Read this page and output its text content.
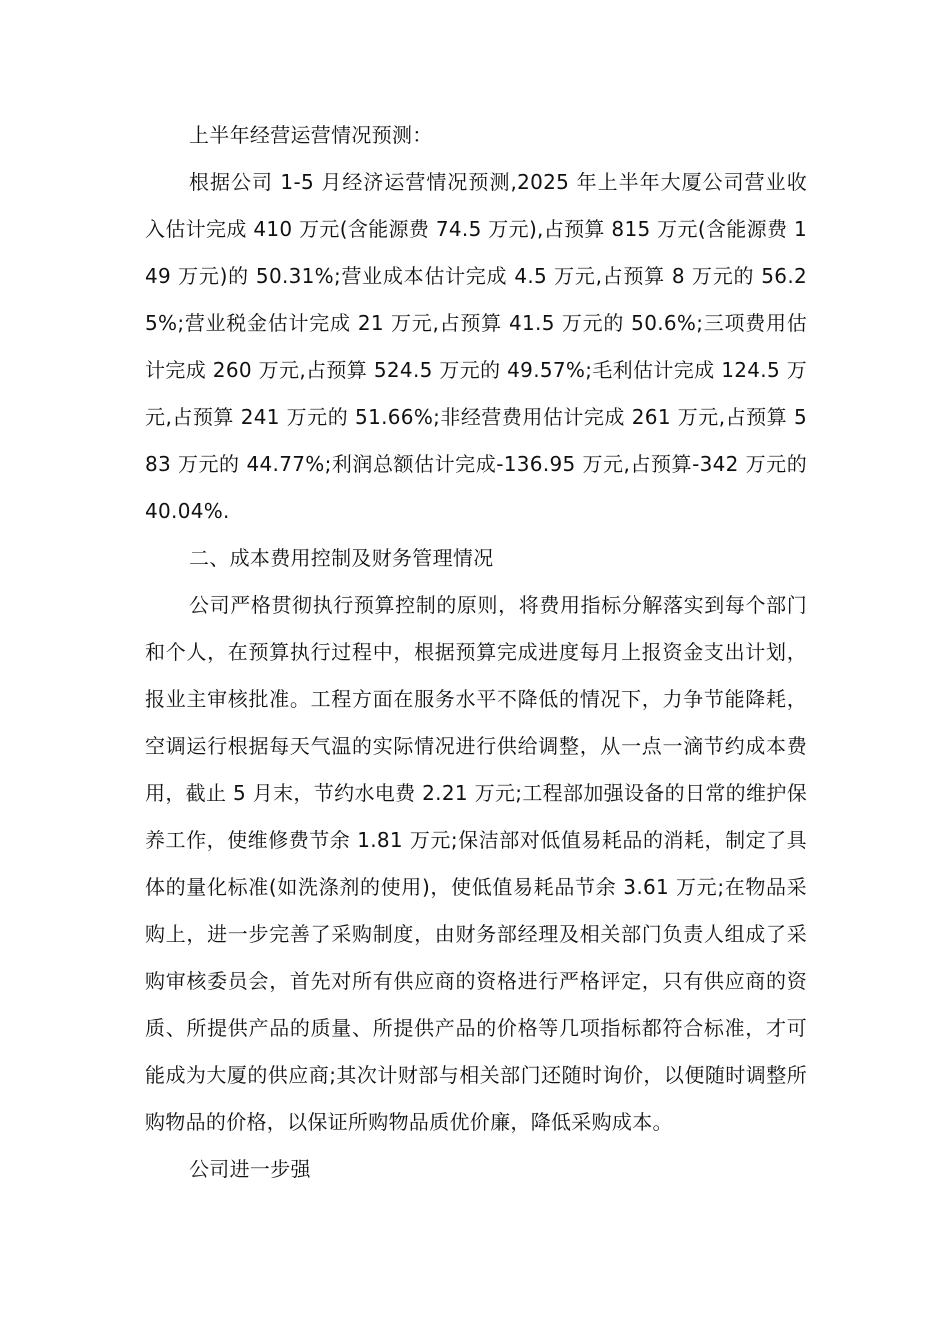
上半年经营运营情况预测：

根据公司 1-5 月经济运营情况预测,2025 年上半年大厦公司营业收入估计完成 410 万元(含能源费 74.5 万元),占预算 815 万元(含能源费 149 万元)的 50.31%;营业成本估计完成 4.5 万元,占预算 8 万元的 56.25%;营业税金估计完成 21 万元,占预算 41.5 万元的 50.6%;三项费用估计完成 260 万元,占预算 524.5 万元的 49.57%;毛利估计完成 124.5 万元,占预算 241 万元的 51.66%;非经营费用估计完成 261 万元,占预算 583 万元的 44.77%;利润总额估计完成-136.95 万元,占预算-342 万元的 40.04%.

二、成本费用控制及财务管理情况

公司严格贯彻执行预算控制的原则，将费用指标分解落实到每个部门和个人，在预算执行过程中，根据预算完成进度每月上报资金支出计划，报业主审核批准。工程方面在服务水平不降低的情况下，力争节能降耗，空调运行根据每天气温的实际情况进行供给调整，从一点一滴节约成本费用，截止 5 月末，节约水电费 2.21 万元;工程部加强设备的日常的维护保养工作，使维修费节余 1.81 万元;保洁部对低值易耗品的消耗，制定了具体的量化标准(如洗涤剂的使用)，使低值易耗品节余 3.61 万元;在物品采购上，进一步完善了采购制度，由财务部经理及相关部门负责人组成了采购审核委员会，首先对所有供应商的资格进行严格评定，只有供应商的资质、所提供产品的质量、所提供产品的价格等几项指标都符合标准，才可能成为大厦的供应商;其次计财部与相关部门还随时询价，以便随时调整所购物品的价格，以保证所购物品质优价廉，降低采购成本。

公司进一步强
